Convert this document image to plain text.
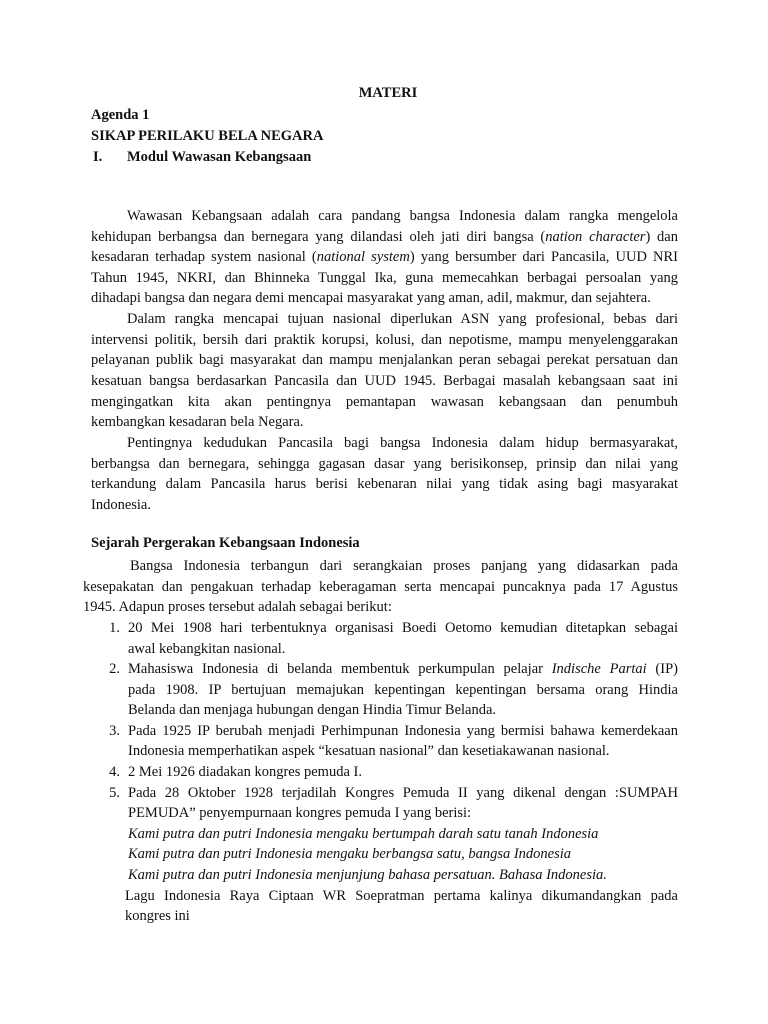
MATERI
Agenda 1
SIKAP PERILAKU BELA NEGARA
I. Modul Wawasan Kebangsaan
Wawasan Kebangsaan adalah cara pandang bangsa Indonesia dalam rangka mengelola
kehidupan berbangsa dan bernegara yang dilandasi oleh jati diri bangsa (nation character) dan
kesadaran terhadap system nasional (national system) yang bersumber dari Pancasila, UUD NRI
Tahun 1945, NKRI, dan Bhinneka Tunggal Ika, guna memecahkan berbagai persoalan yang
dihadapi bangsa dan negara demi mencapai masyarakat yang aman, adil, makmur, dan sejahtera.
Dalam rangka mencapai tujuan nasional diperlukan ASN yang profesional, bebas dari
intervensi politik, bersih dari praktik korupsi, kolusi, dan nepotisme, mampu menyelenggarakan
pelayanan publik bagi masyarakat dan mampu menjalankan peran sebagai perekat persatuan dan
kesatuan bangsa berdasarkan Pancasila dan UUD 1945. Berbagai masalah kebangsaan saat ini
mengingatkan kita akan pentingnya pemantapan wawasan kebangsaan dan penumbuh
kembangkan kesadaran bela Negara.
Pentingnya kedudukan Pancasila bagi bangsa Indonesia dalam hidup bermasyarakat,
berbangsa dan bernegara, sehingga gagasan dasar yang berisikonsep, prinsip dan nilai yang
terkandung dalam Pancasila harus berisi kebenaran nilai yang tidak asing bagi masyarakat
Indonesia.
Sejarah Pergerakan Kebangsaan Indonesia
Bangsa Indonesia terbangun dari serangkaian proses panjang yang didasarkan pada
kesepakatan dan pengakuan terhadap keberagaman serta mencapai puncaknya pada 17 Agustus
1945. Adapun proses tersebut adalah sebagai berikut:
1. 20 Mei 1908 hari terbentuknya organisasi Boedi Oetomo kemudian ditetapkan sebagai
awal kebangkitan nasional.
2. Mahasiswa Indonesia di belanda membentuk perkumpulan pelajar Indische Partai (IP)
pada 1908. IP bertujuan memajukan kepentingan kepentingan bersama orang Hindia
Belanda dan menjaga hubungan dengan Hindia Timur Belanda.
3. Pada 1925 IP berubah menjadi Perhimpunan Indonesia yang bermisi bahawa kemerdekaan
Indonesia memperhatikan aspek “kesatuan nasional” dan kesetiakawanan nasional.
4. 2 Mei 1926 diadakan kongres pemuda I.
5. Pada 28 Oktober 1928 terjadilah Kongres Pemuda II yang dikenal dengan :SUMPAH
PEMUDA” penyempurnaan kongres pemuda I yang berisi:
Kami putra dan putri Indonesia mengaku bertumpah darah satu tanah Indonesia
Kami putra dan putri Indonesia mengaku berbangsa satu, bangsa Indonesia
Kami putra dan putri Indonesia menjunjung bahasa persatuan. Bahasa Indonesia.
Lagu Indonesia Raya Ciptaan WR Soepratman pertama kalinya dikumandangkan pada
kongres ini
